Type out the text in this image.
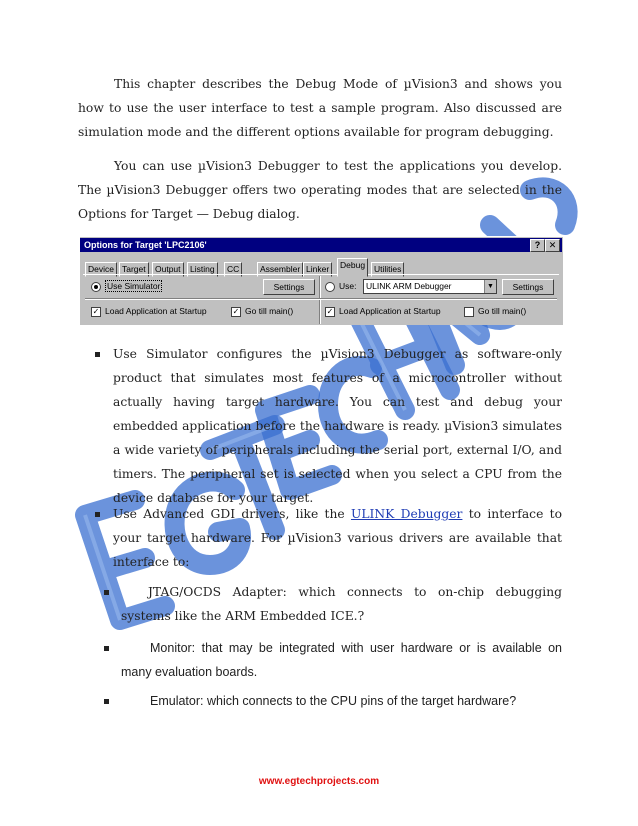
This chapter describes the Debug Mode of µVision3 and shows you how to use the user interface to test a sample program. Also discussed are simulation mode and the different options available for program debugging.

You can use µVision3 Debugger to test the applications you develop. The µVision3 Debugger offers two operating modes that are selected in the Options for Target — Debug dialog.

Options for Target 'LPC2106'	? ✕
Device Target	Output	Listing	CC	Assembler Linker	Debug	Utilities
Use Simulator	Settings
✓ Load Application at Startup	✓ Go till main()
Use:	ULINK ARM Debugger	▼	Settings
✓ Load Application at Startup	Go till main()

Use Simulator configures the µVision3 Debugger as software-only product that simulates most features of a microcontroller without actually having target hardware. You can test and debug your embedded application before the hardware is ready. µVision3 simulates a wide variety of peripherals including the serial port, external I/O, and timers. The peripheral set is selected when you select a CPU from the device database for your target.

Use Advanced GDI drivers, like the ULINK Debugger to interface to your target hardware. For µVision3 various drivers are available that interface to:

JTAG/OCDS Adapter: which connects to on-chip debugging systems like the ARM Embedded ICE.?

Monitor: that may be integrated with user hardware or is available on many evaluation boards.

Emulator: which connects to the CPU pins of the target hardware?

www.egtechprojects.com
